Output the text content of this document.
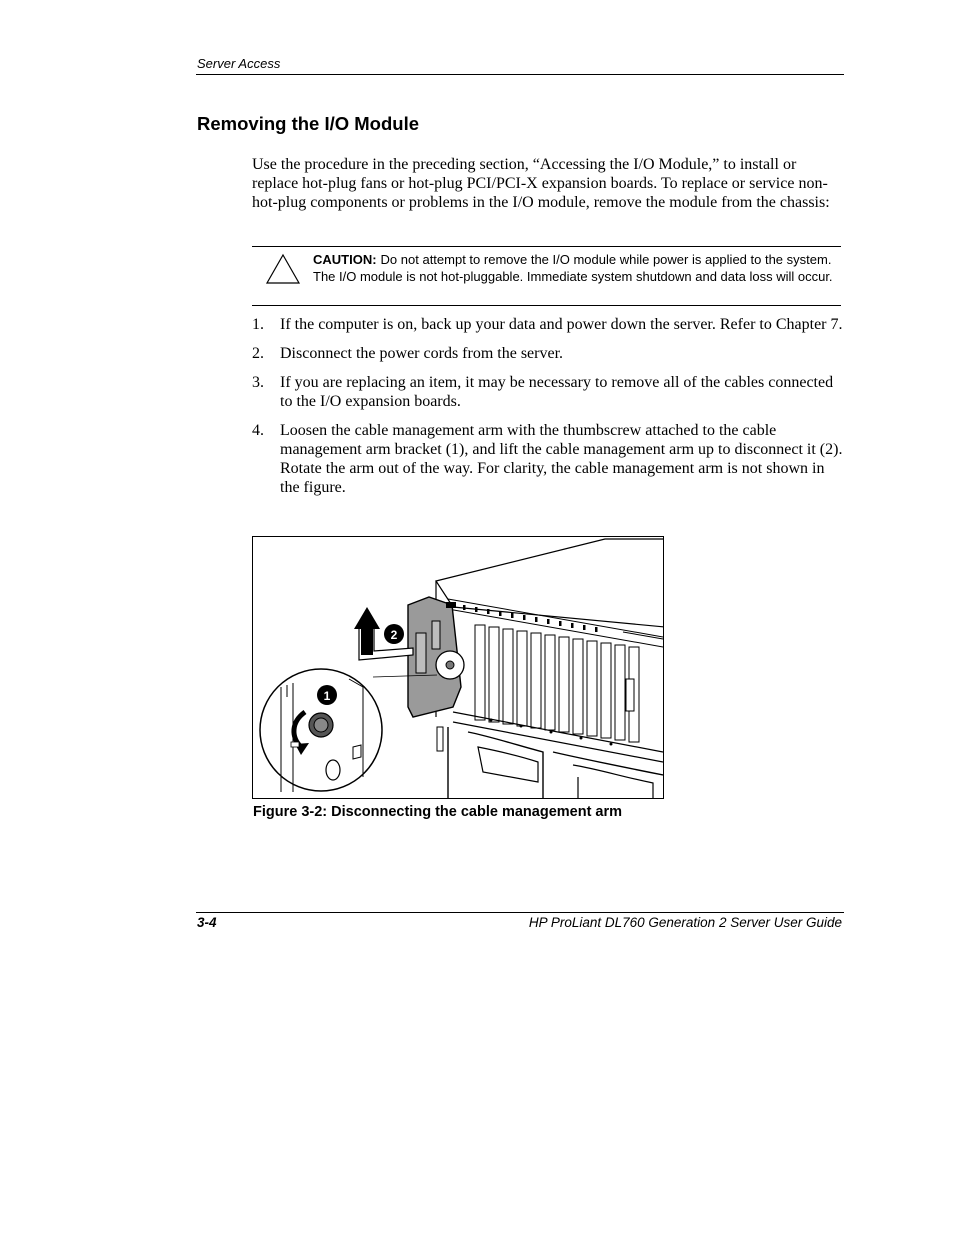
Server Access
Removing the I/O Module

Use the procedure in the preceding section, “Accessing the I/O Module,” to install or replace hot-plug fans or hot-plug PCI/PCI-X expansion boards. To replace or service non-hot-plug components or problems in the I/O module, remove the module from the chassis:

CAUTION: Do not attempt to remove the I/O module while power is applied to the system. The I/O module is not hot-pluggable. Immediate system shutdown and data loss will occur.

1. If the computer is on, back up your data and power down the server. Refer to Chapter 7.
2. Disconnect the power cords from the server.
3. If you are replacing an item, it may be necessary to remove all of the cables connected to the I/O expansion boards.
4. Loosen the cable management arm with the thumbscrew attached to the cable management arm bracket (1), and lift the cable management arm up to disconnect it (2). Rotate the arm out of the way. For clarity, the cable management arm is not shown in the figure.
2
1
Figure 3-2: Disconnecting the cable management arm
3-4	HP ProLiant DL760 Generation 2 Server User Guide
